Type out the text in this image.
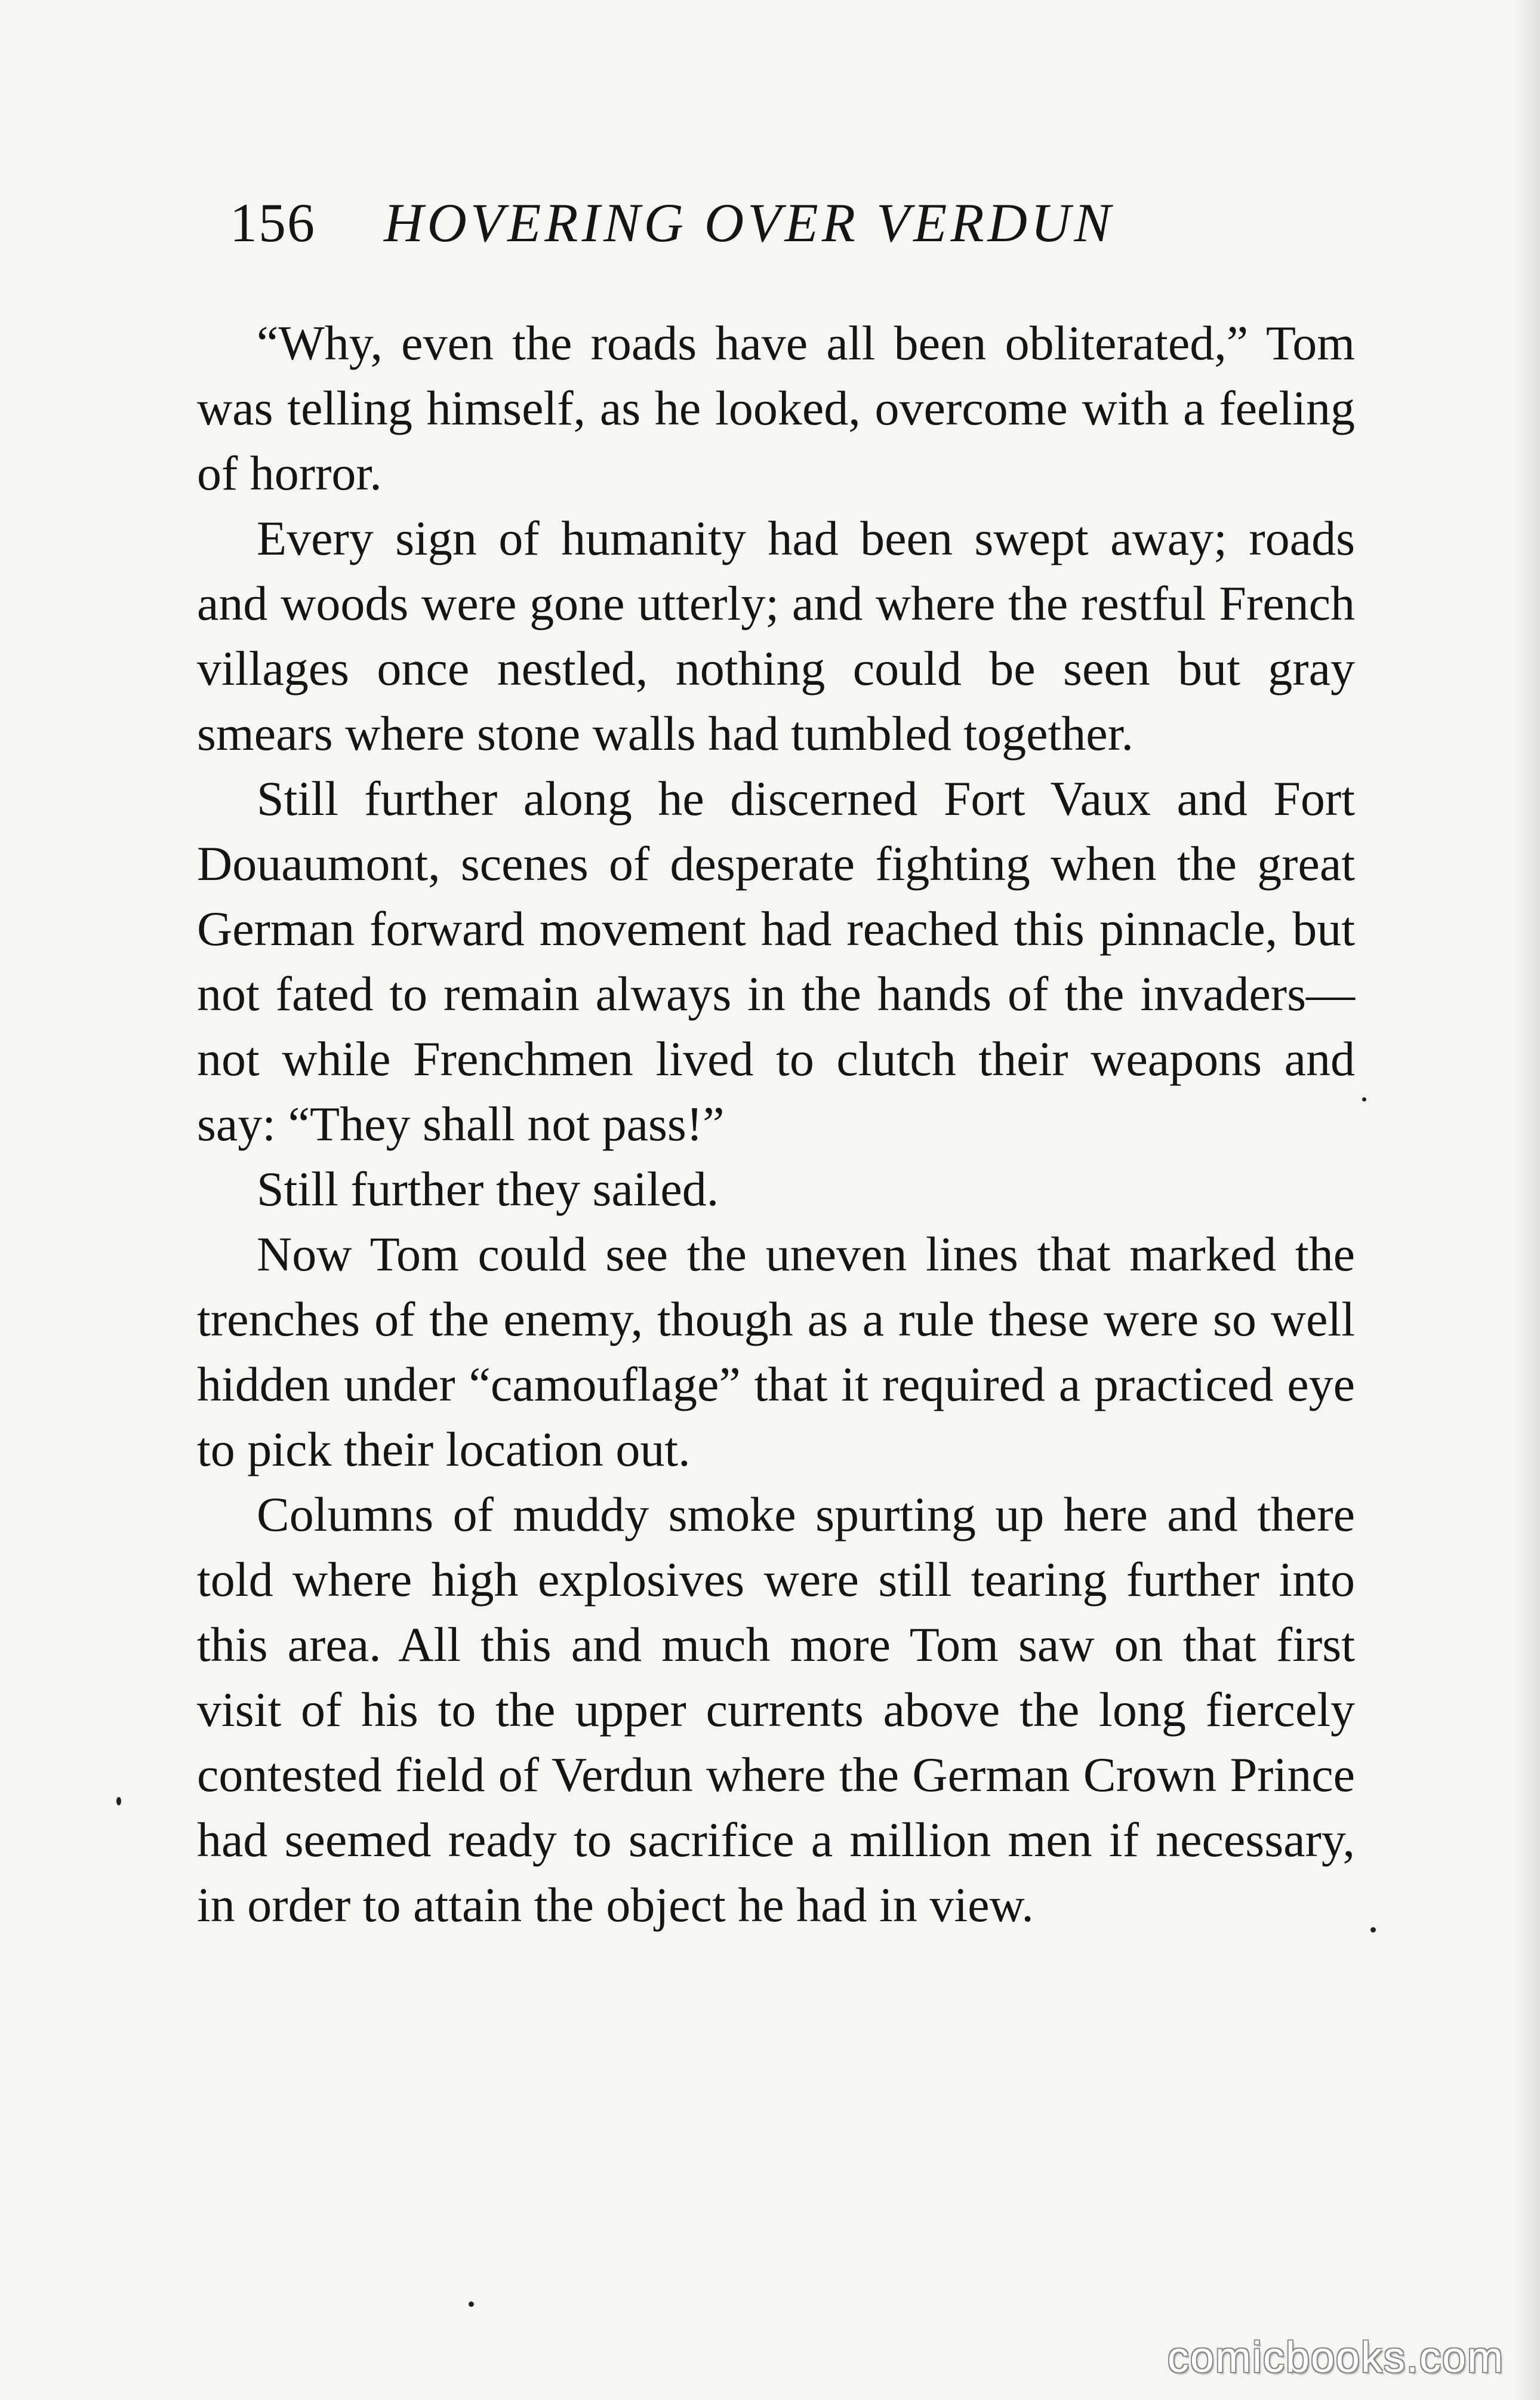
156 HOVERING OVER VERDUN

“Why, even the roads have all been obliterated,” Tom was telling himself, as he looked, overcome with a feeling of horror.

Every sign of humanity had been swept away; roads and woods were gone utterly; and where the restful French villages once nestled, nothing could be seen but gray smears where stone walls had tumbled together.

Still further along he discerned Fort Vaux and Fort Douaumont, scenes of desperate fighting when the great German forward movement had reached this pinnacle, but not fated to remain always in the hands of the invaders—not while Frenchmen lived to clutch their weapons and say: “They shall not pass!”

Still further they sailed.

Now Tom could see the uneven lines that marked the trenches of the enemy, though as a rule these were so well hidden under “camouflage” that it required a practiced eye to pick their location out.

Columns of muddy smoke spurting up here and there told where high explosives were still tearing further into this area. All this and much more Tom saw on that first visit of his to the upper currents above the long fiercely contested field of Verdun where the German Crown Prince had seemed ready to sacrifice a million men if necessary, in order to attain the object he had in view.

comicbooks.com
